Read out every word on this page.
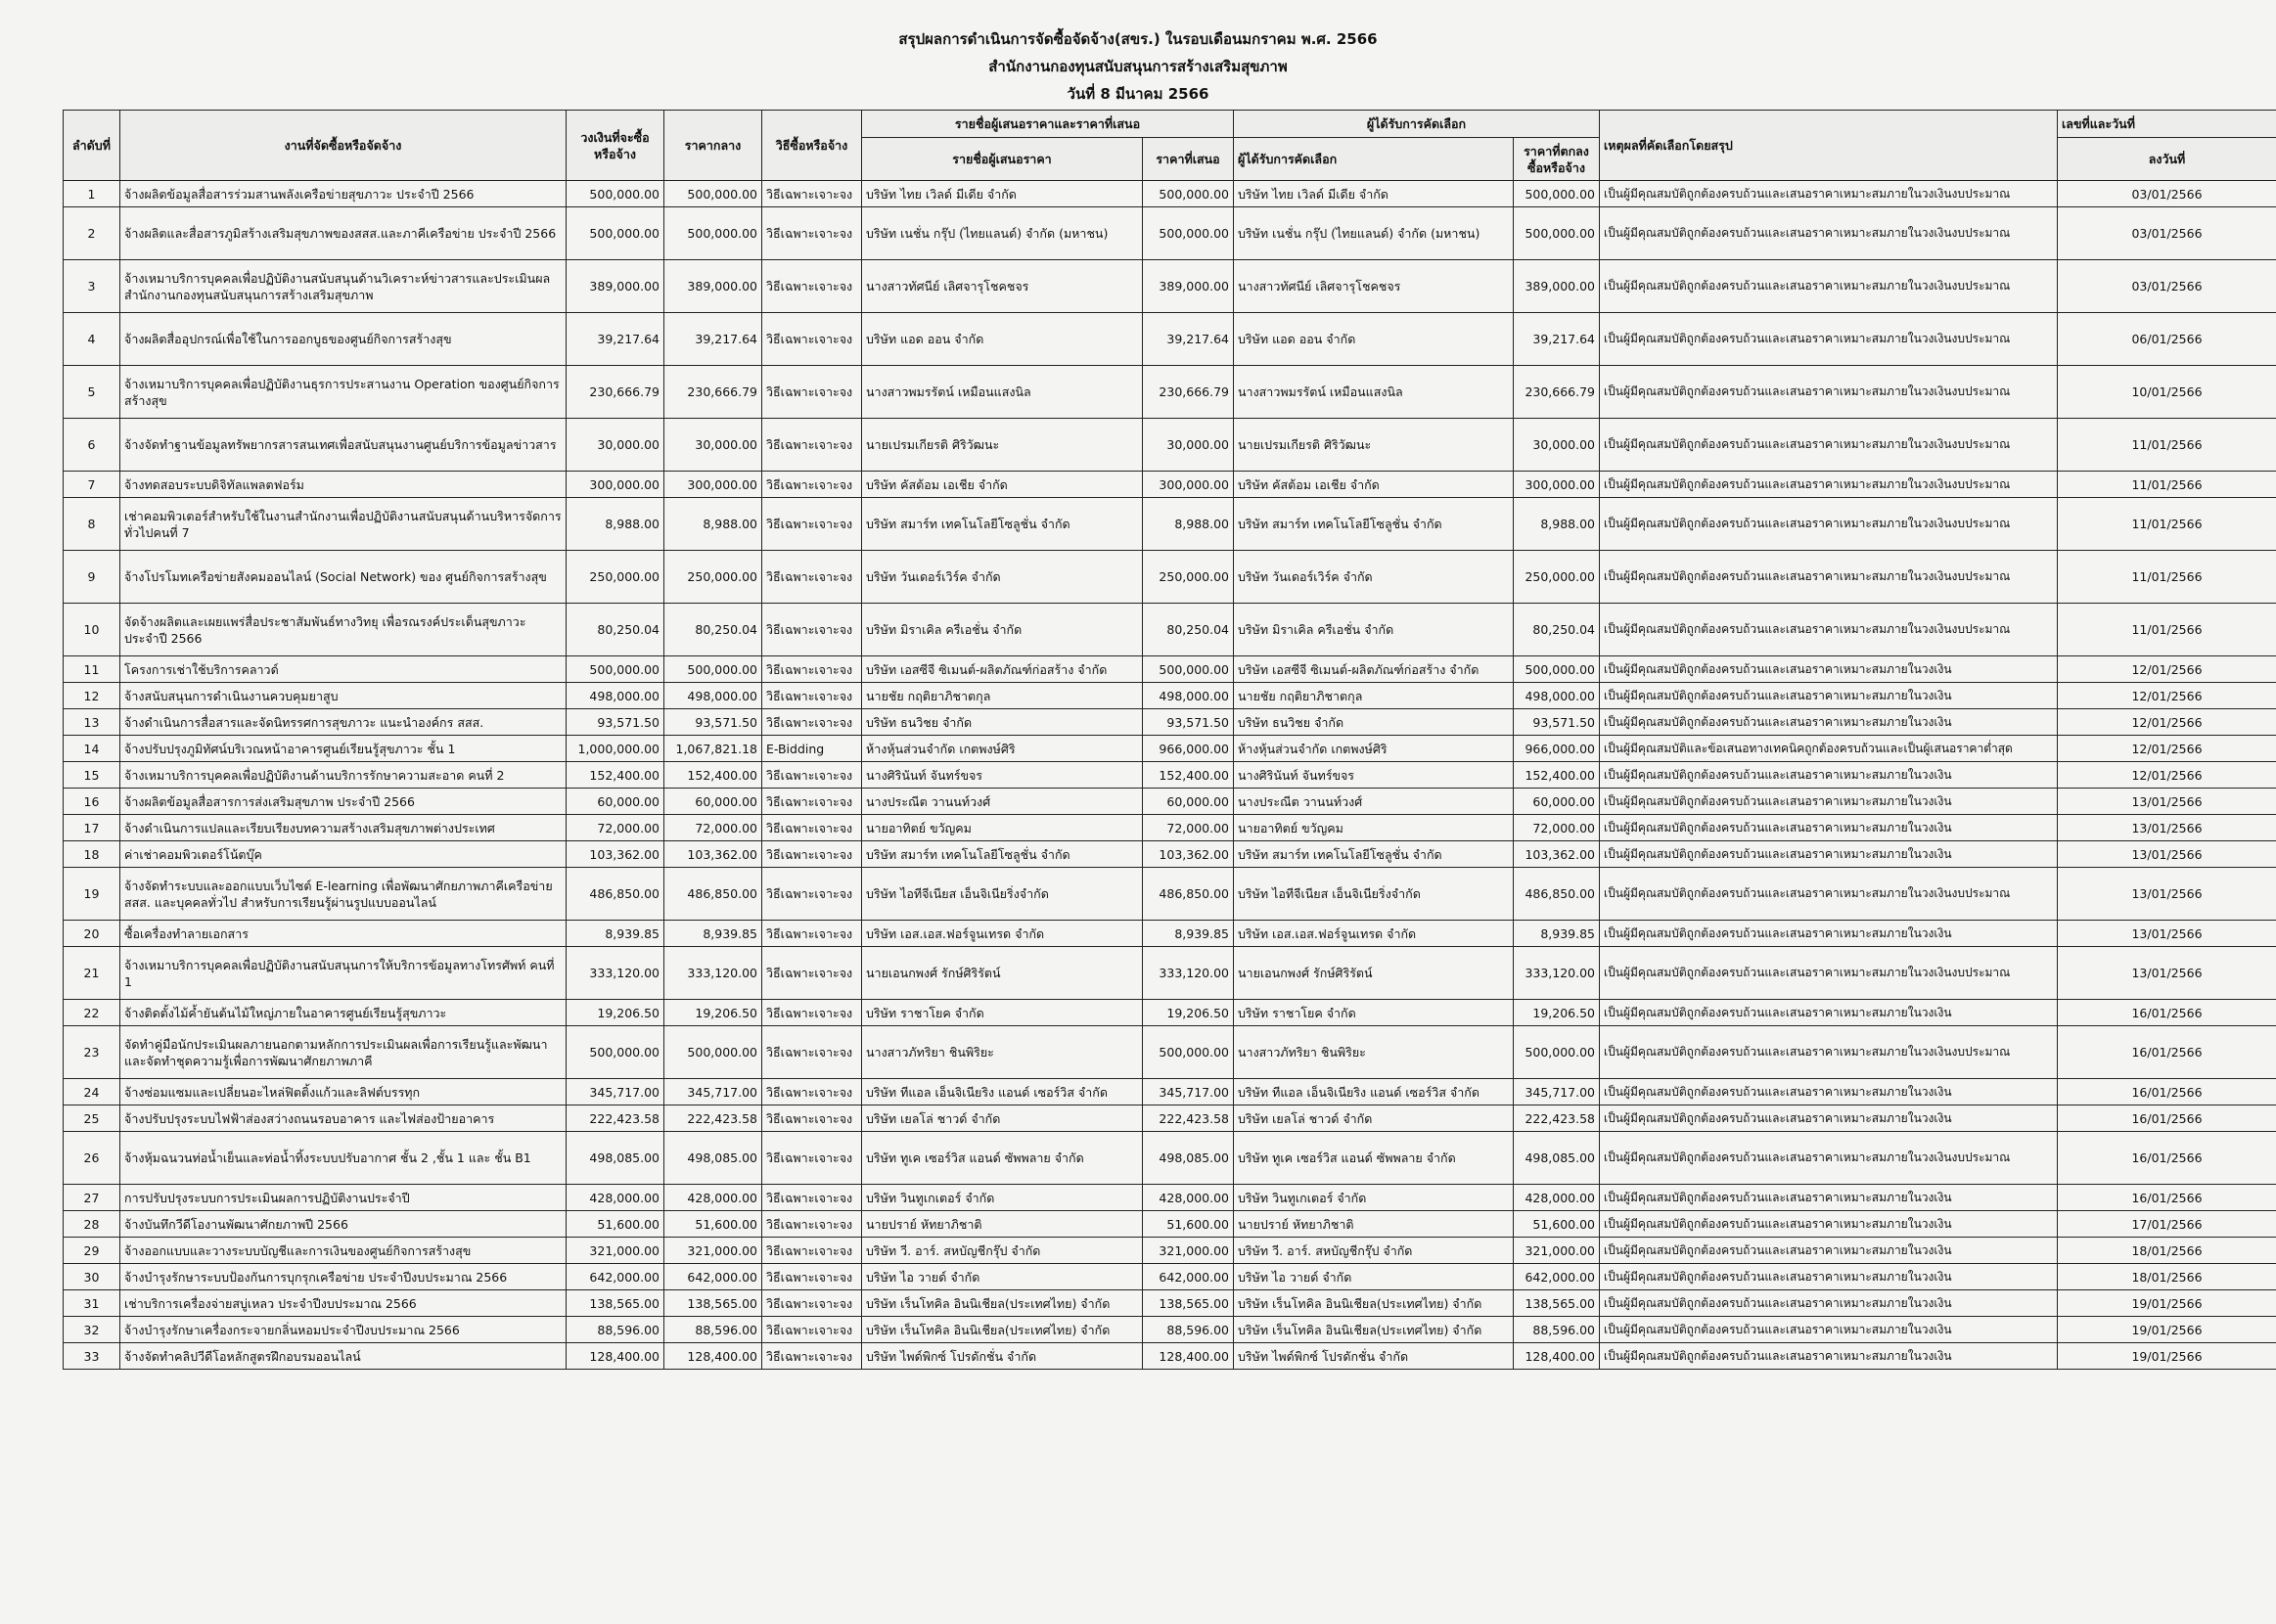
สรุปผลการดำเนินการจัดซื้อจัดจ้าง(สขร.) ในรอบเดือนมกราคม พ.ศ. 2566
สำนักงานกองทุนสนับสนุนการสร้างเสริมสุขภาพ
วันที่ 8 มีนาคม 2566
ลำดับที่	งานที่จัดซื้อหรือจัดจ้าง	วงเงินที่จะซื้อหรือจ้าง	ราคากลาง	วิธีซื้อหรือจ้าง	รายชื่อผู้เสนอราคาและราคาที่เสนอ		ผู้ได้รับการคัดเลือก		เหตุผลที่คัดเลือกโดยสรุป	เลขที่และวันที่
					รายชื่อผู้เสนอราคา	ราคาที่เสนอ	ผู้ได้รับการคัดเลือก	ราคาที่ตกลงซื้อหรือจ้าง		ลงวันที่
1	จ้างผลิตข้อมูลสื่อสารร่วมสานพลังเครือข่ายสุขภาวะ ประจำปี 2566	500,000.00	500,000.00	วิธีเฉพาะเจาะจง	บริษัท ไทย เวิลด์ มีเดีย จำกัด	500,000.00	บริษัท ไทย เวิลด์ มีเดีย จำกัด	500,000.00	เป็นผู้มีคุณสมบัติถูกต้องครบถ้วนและเสนอราคาเหมาะสมภายในวงเงินงบประมาณ	03/01/2566
2	จ้างผลิตและสื่อสารภูมิสร้างเสริมสุขภาพของสสส.และภาคีเครือข่าย ประจำปี 2566	500,000.00	500,000.00	วิธีเฉพาะเจาะจง	บริษัท เนชั่น กรุ๊ป (ไทยแลนด์) จำกัด (มหาชน)	500,000.00	บริษัท เนชั่น กรุ๊ป (ไทยแลนด์) จำกัด (มหาชน)	500,000.00	เป็นผู้มีคุณสมบัติถูกต้องครบถ้วนและเสนอราคาเหมาะสมภายในวงเงินงบประมาณ	03/01/2566
3	จ้างเหมาบริการบุคคลเพื่อปฏิบัติงานสนับสนุนด้านวิเคราะห์ข่าวสารและประเมินผล สำนักงานกองทุนสนับสนุนการสร้างเสริมสุขภาพ	389,000.00	389,000.00	วิธีเฉพาะเจาะจง	นางสาวทัศนีย์ เลิศจารุโชคชจร	389,000.00	นางสาวทัศนีย์ เลิศจารุโชคชจร	389,000.00	เป็นผู้มีคุณสมบัติถูกต้องครบถ้วนและเสนอราคาเหมาะสมภายในวงเงินงบประมาณ	03/01/2566
4	จ้างผลิตสื่ออุปกรณ์เพื่อใช้ในการออกบูธของศูนย์กิจการสร้างสุข	39,217.64	39,217.64	วิธีเฉพาะเจาะจง	บริษัท แอด ออน จำกัด	39,217.64	บริษัท แอด ออน จำกัด	39,217.64	เป็นผู้มีคุณสมบัติถูกต้องครบถ้วนและเสนอราคาเหมาะสมภายในวงเงินงบประมาณ	06/01/2566
5	จ้างเหมาบริการบุคคลเพื่อปฏิบัติงานธุรการประสานงาน Operation ของศูนย์กิจการสร้างสุข	230,666.79	230,666.79	วิธีเฉพาะเจาะจง	นางสาวพมรรัตน์ เหมือนแสงนิล	230,666.79	นางสาวพมรรัตน์ เหมือนแสงนิล	230,666.79	เป็นผู้มีคุณสมบัติถูกต้องครบถ้วนและเสนอราคาเหมาะสมภายในวงเงินงบประมาณ	10/01/2566
6	จ้างจัดทำฐานข้อมูลทรัพยากรสารสนเทศเพื่อสนับสนุนงานศูนย์บริการข้อมูลข่าวสาร	30,000.00	30,000.00	วิธีเฉพาะเจาะจง	นายเปรมเกียรติ ศิริวัฒนะ	30,000.00	นายเปรมเกียรติ ศิริวัฒนะ	30,000.00	เป็นผู้มีคุณสมบัติถูกต้องครบถ้วนและเสนอราคาเหมาะสมภายในวงเงินงบประมาณ	11/01/2566
7	จ้างทดสอบระบบดิจิทัลแพลตฟอร์ม	300,000.00	300,000.00	วิธีเฉพาะเจาะจง	บริษัท คัสต้อม เอเชีย จำกัด	300,000.00	บริษัท คัสต้อม เอเชีย จำกัด	300,000.00	เป็นผู้มีคุณสมบัติถูกต้องครบถ้วนและเสนอราคาเหมาะสมภายในวงเงินงบประมาณ	11/01/2566
8	เช่าคอมพิวเตอร์สำหรับใช้ในงานสำนักงานเพื่อปฏิบัติงานสนับสนุนด้านบริหารจัดการทั่วไปคนที่ 7	8,988.00	8,988.00	วิธีเฉพาะเจาะจง	บริษัท สมาร์ท เทคโนโลยีโซลูชั่น จำกัด	8,988.00	บริษัท สมาร์ท เทคโนโลยีโซลูชั่น จำกัด	8,988.00	เป็นผู้มีคุณสมบัติถูกต้องครบถ้วนและเสนอราคาเหมาะสมภายในวงเงินงบประมาณ	11/01/2566
9	จ้างโปรโมทเครือข่ายสังคมออนไลน์ (Social Network) ของ ศูนย์กิจการสร้างสุข	250,000.00	250,000.00	วิธีเฉพาะเจาะจง	บริษัท วันเดอร์เวิร์ค จำกัด	250,000.00	บริษัท วันเดอร์เวิร์ค จำกัด	250,000.00	เป็นผู้มีคุณสมบัติถูกต้องครบถ้วนและเสนอราคาเหมาะสมภายในวงเงินงบประมาณ	11/01/2566
10	จัดจ้างผลิตและเผยแพร่สื่อประชาสัมพันธ์ทางวิทยุ เพื่อรณรงค์ประเด็นสุขภาวะ ประจำปี 2566	80,250.04	80,250.04	วิธีเฉพาะเจาะจง	บริษัท มิราเคิล ครีเอชั่น จำกัด	80,250.04	บริษัท มิราเคิล ครีเอชั่น จำกัด	80,250.04	เป็นผู้มีคุณสมบัติถูกต้องครบถ้วนและเสนอราคาเหมาะสมภายในวงเงินงบประมาณ	11/01/2566
11	โครงการเช่าใช้บริการคลาวด์	500,000.00	500,000.00	วิธีเฉพาะเจาะจง	บริษัท เอสซีจี ซิเมนต์-ผลิตภัณฑ์ก่อสร้าง จำกัด	500,000.00	บริษัท เอสซีจี ซิเมนต์-ผลิตภัณฑ์ก่อสร้าง จำกัด	500,000.00	เป็นผู้มีคุณสมบัติถูกต้องครบถ้วนและเสนอราคาเหมาะสมภายในวงเงิน	12/01/2566
12	จ้างสนับสนุนการดำเนินงานควบคุมยาสูบ	498,000.00	498,000.00	วิธีเฉพาะเจาะจง	นายชัย กฤติยาภิชาตกุล	498,000.00	นายชัย กฤติยาภิชาตกุล	498,000.00	เป็นผู้มีคุณสมบัติถูกต้องครบถ้วนและเสนอราคาเหมาะสมภายในวงเงิน	12/01/2566
13	จ้างดำเนินการสื่อสารและจัดนิทรรศการสุขภาวะ แนะนำองค์กร สสส.	93,571.50	93,571.50	วิธีเฉพาะเจาะจง	บริษัท ธนวิชย จำกัด	93,571.50	บริษัท ธนวิชย จำกัด	93,571.50	เป็นผู้มีคุณสมบัติถูกต้องครบถ้วนและเสนอราคาเหมาะสมภายในวงเงิน	12/01/2566
14	จ้างปรับปรุงภูมิทัศน์บริเวณหน้าอาคารศูนย์เรียนรู้สุขภาวะ ชั้น 1	1,000,000.00	1,067,821.18	E-Bidding	ห้างหุ้นส่วนจำกัด เกตพงษ์ศิริ	966,000.00	ห้างหุ้นส่วนจำกัด เกตพงษ์ศิริ	966,000.00	เป็นผู้มีคุณสมบัติและข้อเสนอทางเทคนิคถูกต้องครบถ้วนและเป็นผู้เสนอราคาต่ำสุด	12/01/2566
15	จ้างเหมาบริการบุคคลเพื่อปฏิบัติงานด้านบริการรักษาความสะอาด คนที่ 2	152,400.00	152,400.00	วิธีเฉพาะเจาะจง	นางศิรินันท์ จันทร์ขจร	152,400.00	นางศิรินันท์ จันทร์ขจร	152,400.00	เป็นผู้มีคุณสมบัติถูกต้องครบถ้วนและเสนอราคาเหมาะสมภายในวงเงิน	12/01/2566
16	จ้างผลิตข้อมูลสื่อสารการส่งเสริมสุขภาพ ประจำปี 2566	60,000.00	60,000.00	วิธีเฉพาะเจาะจง	นางประณีต วานนท์วงศ์	60,000.00	นางประณีต วานนท์วงศ์	60,000.00	เป็นผู้มีคุณสมบัติถูกต้องครบถ้วนและเสนอราคาเหมาะสมภายในวงเงิน	13/01/2566
17	จ้างดำเนินการแปลและเรียบเรียงบทความสร้างเสริมสุขภาพต่างประเทศ	72,000.00	72,000.00	วิธีเฉพาะเจาะจง	นายอาทิตย์ ขวัญคม	72,000.00	นายอาทิตย์ ขวัญคม	72,000.00	เป็นผู้มีคุณสมบัติถูกต้องครบถ้วนและเสนอราคาเหมาะสมภายในวงเงิน	13/01/2566
18	ค่าเช่าคอมพิวเตอร์โน้ตบุ๊ค	103,362.00	103,362.00	วิธีเฉพาะเจาะจง	บริษัท สมาร์ท เทคโนโลยีโซลูชั่น จำกัด	103,362.00	บริษัท สมาร์ท เทคโนโลยีโซลูชั่น จำกัด	103,362.00	เป็นผู้มีคุณสมบัติถูกต้องครบถ้วนและเสนอราคาเหมาะสมภายในวงเงิน	13/01/2566
19	จ้างจัดทำระบบและออกแบบเว็บไซต์ E-learning เพื่อพัฒนาศักยภาพภาคีเครือข่าย สสส. และบุคคลทั่วไป สำหรับการเรียนรู้ผ่านรูปแบบออนไลน์	486,850.00	486,850.00	วิธีเฉพาะเจาะจง	บริษัท ไอทีจีเนียส เอ็นจิเนียริ่งจำกัด	486,850.00	บริษัท ไอทีจีเนียส เอ็นจิเนียริ่งจำกัด	486,850.00	เป็นผู้มีคุณสมบัติถูกต้องครบถ้วนและเสนอราคาเหมาะสมภายในวงเงินงบประมาณ	13/01/2566
20	ซื้อเครื่องทำลายเอกสาร	8,939.85	8,939.85	วิธีเฉพาะเจาะจง	บริษัท เอส.เอส.ฟอร์จูนเทรด จำกัด	8,939.85	บริษัท เอส.เอส.ฟอร์จูนเทรด จำกัด	8,939.85	เป็นผู้มีคุณสมบัติถูกต้องครบถ้วนและเสนอราคาเหมาะสมภายในวงเงิน	13/01/2566
21	จ้างเหมาบริการบุคคลเพื่อปฏิบัติงานสนับสนุนการให้บริการข้อมูลทางโทรศัพท์ คนที่ 1	333,120.00	333,120.00	วิธีเฉพาะเจาะจง	นายเอนกพงศ์ รักษ์ศิริรัตน์	333,120.00	นายเอนกพงศ์ รักษ์ศิริรัตน์	333,120.00	เป็นผู้มีคุณสมบัติถูกต้องครบถ้วนและเสนอราคาเหมาะสมภายในวงเงินงบประมาณ	13/01/2566
22	จ้างติดตั้งไม้ค้ำยันต้นไม้ใหญ่ภายในอาคารศูนย์เรียนรู้สุขภาวะ	19,206.50	19,206.50	วิธีเฉพาะเจาะจง	บริษัท ราชาโยค จำกัด	19,206.50	บริษัท ราชาโยค จำกัด	19,206.50	เป็นผู้มีคุณสมบัติถูกต้องครบถ้วนและเสนอราคาเหมาะสมภายในวงเงิน	16/01/2566
23	จัดทำคู่มือนักประเมินผลภายนอกตามหลักการประเมินผลเพื่อการเรียนรู้และพัฒนาและจัดทำชุดความรู้เพื่อการพัฒนาศักยภาพภาคี	500,000.00	500,000.00	วิธีเฉพาะเจาะจง	นางสาวภัทริยา ชินพิริยะ	500,000.00	นางสาวภัทริยา ชินพิริยะ	500,000.00	เป็นผู้มีคุณสมบัติถูกต้องครบถ้วนและเสนอราคาเหมาะสมภายในวงเงินงบประมาณ	16/01/2566
24	จ้างซ่อมแซมและเปลี่ยนอะไหล่ฟิตติ้งแก้วและลิฟต์บรรทุก	345,717.00	345,717.00	วิธีเฉพาะเจาะจง	บริษัท ทีแอล เอ็นจิเนียริง แอนด์ เซอร์วิส จำกัด	345,717.00	บริษัท ทีแอล เอ็นจิเนียริง แอนด์ เซอร์วิส จำกัด	345,717.00	เป็นผู้มีคุณสมบัติถูกต้องครบถ้วนและเสนอราคาเหมาะสมภายในวงเงิน	16/01/2566
25	จ้างปรับปรุงระบบไฟฟ้าส่องสว่างถนนรอบอาคาร และไฟส่องป้ายอาคาร	222,423.58	222,423.58	วิธีเฉพาะเจาะจง	บริษัท เยลโล่ ชาวด์ จำกัด	222,423.58	บริษัท เยลโล่ ชาวด์ จำกัด	222,423.58	เป็นผู้มีคุณสมบัติถูกต้องครบถ้วนและเสนอราคาเหมาะสมภายในวงเงิน	16/01/2566
26	จ้างหุ้มฉนวนท่อน้ำเย็นและท่อน้ำทิ้งระบบปรับอากาศ ชั้น 2 ,ชั้น 1 และ ชั้น B1	498,085.00	498,085.00	วิธีเฉพาะเจาะจง	บริษัท ทูเค เซอร์วิส แอนด์ ซัพพลาย จำกัด	498,085.00	บริษัท ทูเค เซอร์วิส แอนด์ ซัพพลาย จำกัด	498,085.00	เป็นผู้มีคุณสมบัติถูกต้องครบถ้วนและเสนอราคาเหมาะสมภายในวงเงินงบประมาณ	16/01/2566
27	การปรับปรุงระบบการประเมินผลการปฏิบัติงานประจำปี	428,000.00	428,000.00	วิธีเฉพาะเจาะจง	บริษัท วินทูเกเตอร์ จำกัด	428,000.00	บริษัท วินทูเกเตอร์ จำกัด	428,000.00	เป็นผู้มีคุณสมบัติถูกต้องครบถ้วนและเสนอราคาเหมาะสมภายในวงเงิน	16/01/2566
28	จ้างบันทึกวีดีโองานพัฒนาศักยภาพปี 2566	51,600.00	51,600.00	วิธีเฉพาะเจาะจง	นายปราย์ หัทยาภิชาติ	51,600.00	นายปราย์ หัทยาภิชาติ	51,600.00	เป็นผู้มีคุณสมบัติถูกต้องครบถ้วนและเสนอราคาเหมาะสมภายในวงเงิน	17/01/2566
29	จ้างออกแบบและวางระบบบัญชีและการเงินของศูนย์กิจการสร้างสุข	321,000.00	321,000.00	วิธีเฉพาะเจาะจง	บริษัท วี. อาร์. สหบัญชีกรุ๊ป จำกัด	321,000.00	บริษัท วี. อาร์. สหบัญชีกรุ๊ป จำกัด	321,000.00	เป็นผู้มีคุณสมบัติถูกต้องครบถ้วนและเสนอราคาเหมาะสมภายในวงเงิน	18/01/2566
30	จ้างบำรุงรักษาระบบป้องกันการบุกรุกเครือข่าย ประจำปีงบประมาณ 2566	642,000.00	642,000.00	วิธีเฉพาะเจาะจง	บริษัท ไอ วายด์ จำกัด	642,000.00	บริษัท ไอ วายด์ จำกัด	642,000.00	เป็นผู้มีคุณสมบัติถูกต้องครบถ้วนและเสนอราคาเหมาะสมภายในวงเงิน	18/01/2566
31	เช่าบริการเครื่องจ่ายสบู่เหลว ประจำปีงบประมาณ 2566	138,565.00	138,565.00	วิธีเฉพาะเจาะจง	บริษัท เร็นโทคิล อินนิเชียล(ประเทศไทย) จำกัด	138,565.00	บริษัท เร็นโทคิล อินนิเชียล(ประเทศไทย) จำกัด	138,565.00	เป็นผู้มีคุณสมบัติถูกต้องครบถ้วนและเสนอราคาเหมาะสมภายในวงเงิน	19/01/2566
32	จ้างบำรุงรักษาเครื่องกระจายกลิ่นหอมประจำปีงบประมาณ 2566	88,596.00	88,596.00	วิธีเฉพาะเจาะจง	บริษัท เร็นโทคิล อินนิเชียล(ประเทศไทย) จำกัด	88,596.00	บริษัท เร็นโทคิล อินนิเชียล(ประเทศไทย) จำกัด	88,596.00	เป็นผู้มีคุณสมบัติถูกต้องครบถ้วนและเสนอราคาเหมาะสมภายในวงเงิน	19/01/2566
33	จ้างจัดทำคลิปวีดีโอหลักสูตรฝึกอบรมออนไลน์	128,400.00	128,400.00	วิธีเฉพาะเจาะจง	บริษัท ไพด์พิกซ์ โปรดักชั่น จำกัด	128,400.00	บริษัท ไพด์พิกซ์ โปรดักชั่น จำกัด	128,400.00	เป็นผู้มีคุณสมบัติถูกต้องครบถ้วนและเสนอราคาเหมาะสมภายในวงเงิน	19/01/2566
